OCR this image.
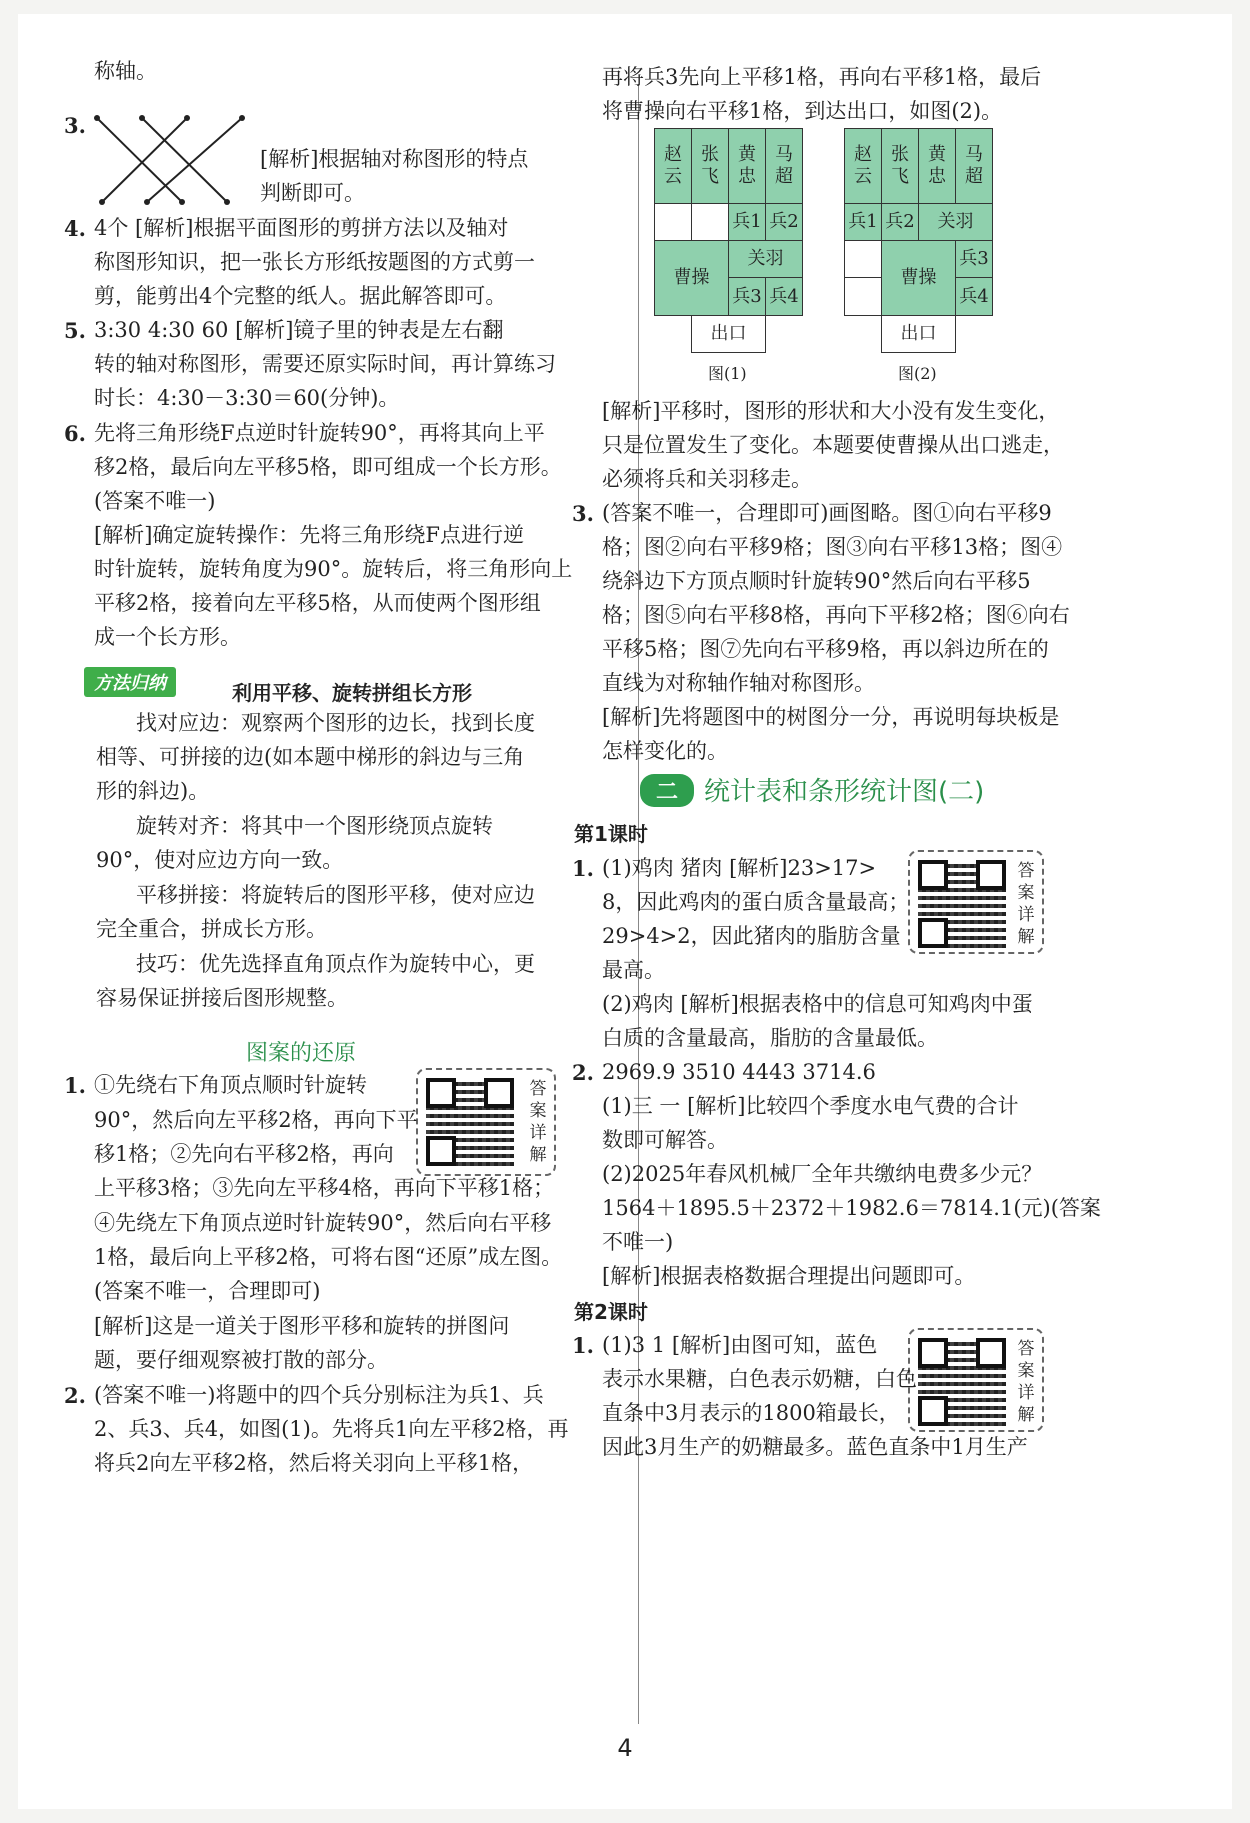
称轴。
3.
[解析]根据轴对称图形的特点
判断即可。
4. 4个 [解析]根据平面图形的剪拼方法以及轴对
称图形知识，把一张长方形纸按题图的方式剪一
剪，能剪出4个完整的纸人。据此解答即可。
5. 3:30 4:30 60 [解析]镜子里的钟表是左右翻
转的轴对称图形，需要还原实际时间，再计算练习
时长：4:30－3:30＝60(分钟)。
6. 先将三角形绕F点逆时针旋转90°，再将其向上平
移2格，最后向左平移5格，即可组成一个长方形。
(答案不唯一)
[解析]确定旋转操作：先将三角形绕F点进行逆
时针旋转，旋转角度为90°。旋转后，将三角形向上
平移2格，接着向左平移5格，从而使两个图形组
成一个长方形。
方法归纳	利用平移、旋转拼组长方形
找对应边：观察两个图形的边长，找到长度
相等、可拼接的边(如本题中梯形的斜边与三角
形的斜边)。
旋转对齐：将其中一个图形绕顶点旋转
90°，使对应边方向一致。
平移拼接：将旋转后的图形平移，使对应边
完全重合，拼成长方形。
技巧：优先选择直角顶点作为旋转中心，更
容易保证拼接后图形规整。
图案的还原
答案详解
1. ①先绕右下角顶点顺时针旋转
90°，然后向左平移2格，再向下平
移1格；②先向右平移2格，再向
上平移3格；③先向左平移4格，再向下平移1格；
④先绕左下角顶点逆时针旋转90°，然后向右平移
1格，最后向上平移2格，可将右图“还原”成左图。
(答案不唯一，合理即可)
[解析]这是一道关于图形平移和旋转的拼图问
题，要仔细观察被打散的部分。
2. (答案不唯一)将题中的四个兵分别标注为兵1、兵
2、兵3、兵4，如图(1)。先将兵1向左平移2格，再
将兵2向左平移2格，然后将关羽向上平移1格，
再将兵3先向上平移1格，再向右平移1格，最后
将曹操向右平移1格，到达出口，如图(2)。
赵
云
张
飞
黄
忠
马
超
兵1 兵2
曹操
关羽
兵3 兵4
出口
图(1)
赵
云
张
飞
黄
忠
马
超
兵1 兵2	关羽
曹操
兵3
兵4
出口
图(2)
[解析]平移时，图形的形状和大小没有发生变化，
只是位置发生了变化。本题要使曹操从出口逃走，
必须将兵和关羽移走。
3. (答案不唯一，合理即可)画图略。图①向右平移9
格；图②向右平移9格；图③向右平移13格；图④
绕斜边下方顶点顺时针旋转90°然后向右平移5
格；图⑤向右平移8格，再向下平移2格；图⑥向右
平移5格；图⑦先向右平移9格，再以斜边所在的
直线为对称轴作轴对称图形。
[解析]先将题图中的树图分一分，再说明每块板是
怎样变化的。
二 统计表和条形统计图(二)
第1课时
答案详解
1. (1)鸡肉 猪肉 [解析]23>17>
8，因此鸡肉的蛋白质含量最高；
29>4>2，因此猪肉的脂肪含量
最高。
(2)鸡肉 [解析]根据表格中的信息可知鸡肉中蛋
白质的含量最高，脂肪的含量最低。
2. 2969.9 3510 4443 3714.6
(1)三 一 [解析]比较四个季度水电气费的合计
数即可解答。
(2)2025年春风机械厂全年共缴纳电费多少元？
1564＋1895.5＋2372＋1982.6＝7814.1(元)(答案
不唯一)
[解析]根据表格数据合理提出问题即可。
第2课时
答案详解
1. (1)3 1 [解析]由图可知，蓝色
表示水果糖，白色表示奶糖，白色
直条中3月表示的1800箱最长，
因此3月生产的奶糖最多。蓝色直条中1月生产
4
